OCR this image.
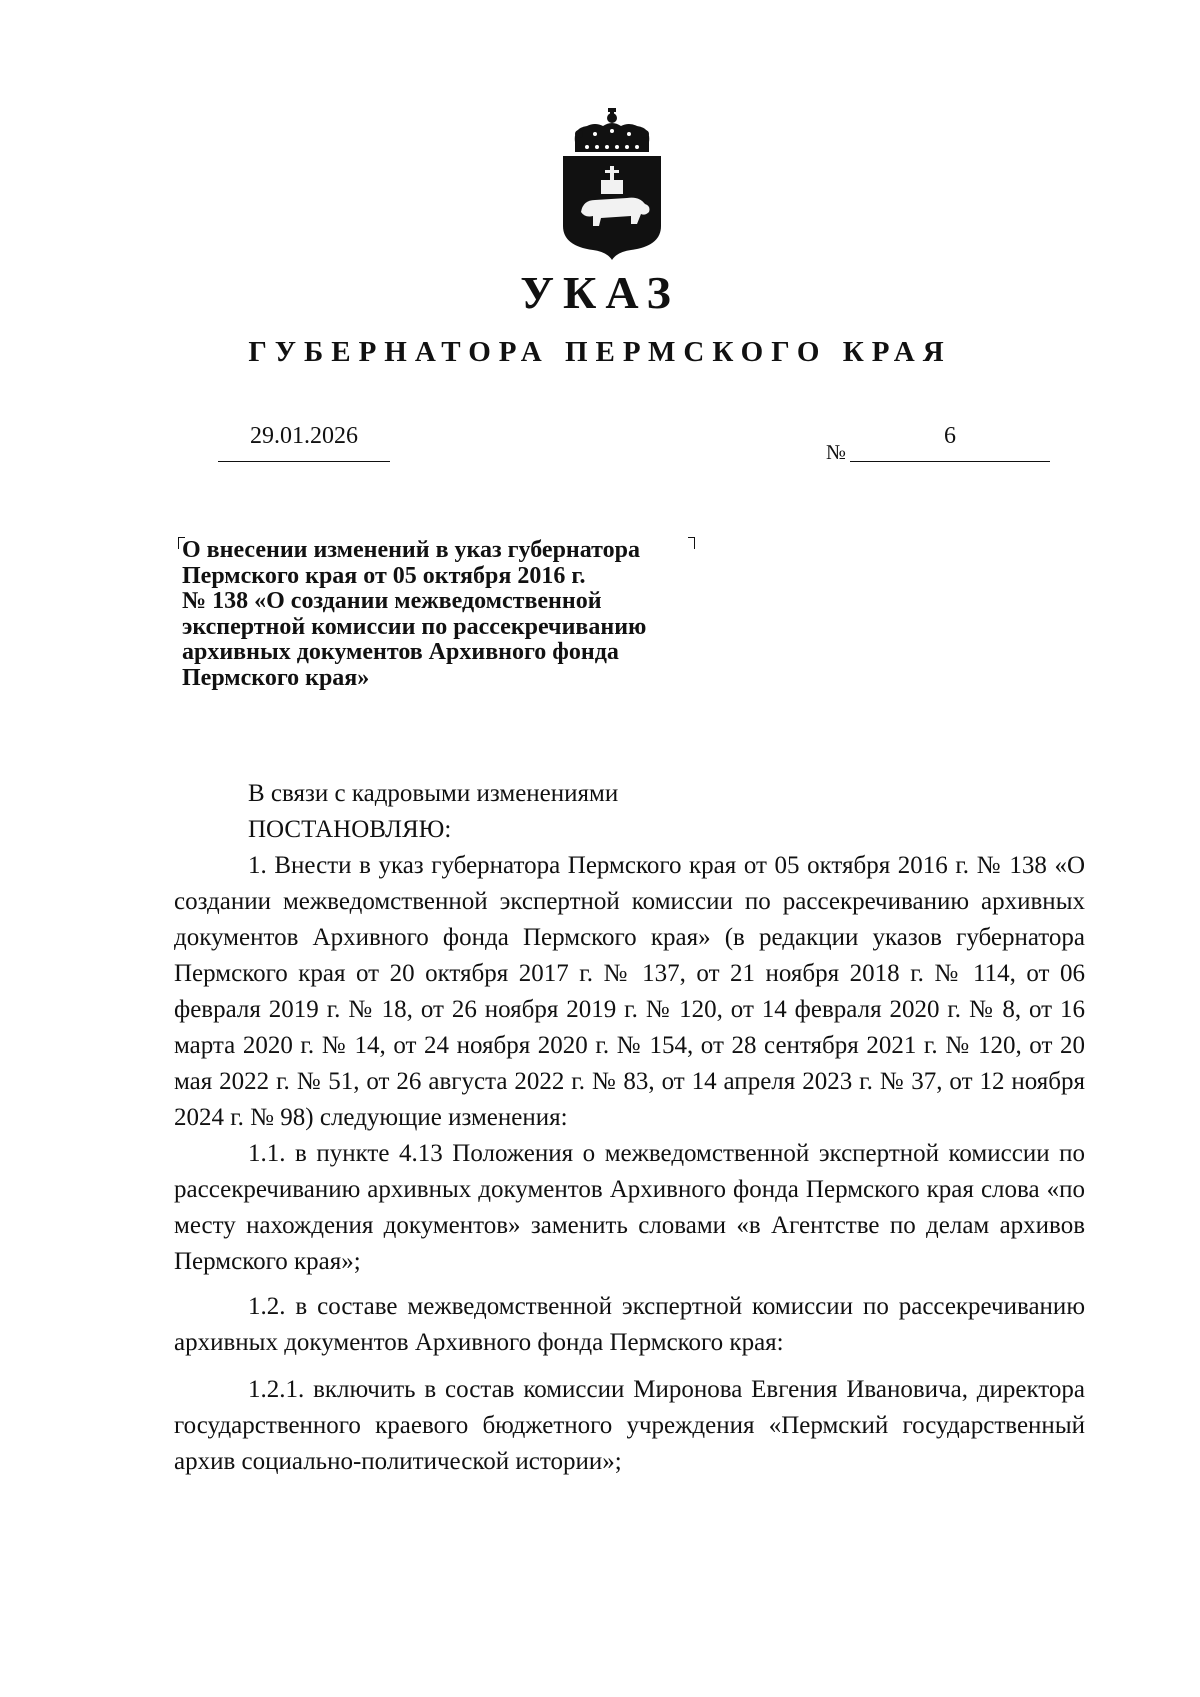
УКАЗ
ГУБЕРНАТОРА ПЕРМСКОГО КРАЯ
29.01.2026
№
6
О внесении изменений в указ губернатора
Пермского края от 05 октября 2016 г.
№ 138 «О создании межведомственной
экспертной комиссии по рассекречиванию
архивных документов Архивного фонда
Пермского края»

В связи с кадровыми изменениями

ПОСТАНОВЛЯЮ:

1. Внести в указ губернатора Пермского края от 05 октября 2016 г. № 138 «О создании межведомственной экспертной комиссии по рассекречиванию архивных документов Архивного фонда Пермского края» (в редакции указов губернатора Пермского края от 20 октября 2017 г. № 137, от 21 ноября 2018 г. № 114, от 06 февраля 2019 г. № 18, от 26 ноября 2019 г. № 120, от 14 февраля 2020 г. № 8, от 16 марта 2020 г. № 14, от 24 ноября 2020 г. № 154, от 28 сентября 2021 г. № 120, от 20 мая 2022 г. № 51, от 26 августа 2022 г. № 83, от 14 апреля 2023 г. № 37, от 12 ноября 2024 г. № 98) следующие изменения:

1.1. в пункте 4.13 Положения о межведомственной экспертной комиссии по рассекречиванию архивных документов Архивного фонда Пермского края слова «по месту нахождения документов» заменить словами «в Агентстве по делам архивов Пермского края»;

1.2. в составе межведомственной экспертной комиссии по рассекречиванию архивных документов Архивного фонда Пермского края:

1.2.1. включить в состав комиссии Миронова Евгения Ивановича, директора государственного краевого бюджетного учреждения «Пермский государственный архив социально-политической истории»;
